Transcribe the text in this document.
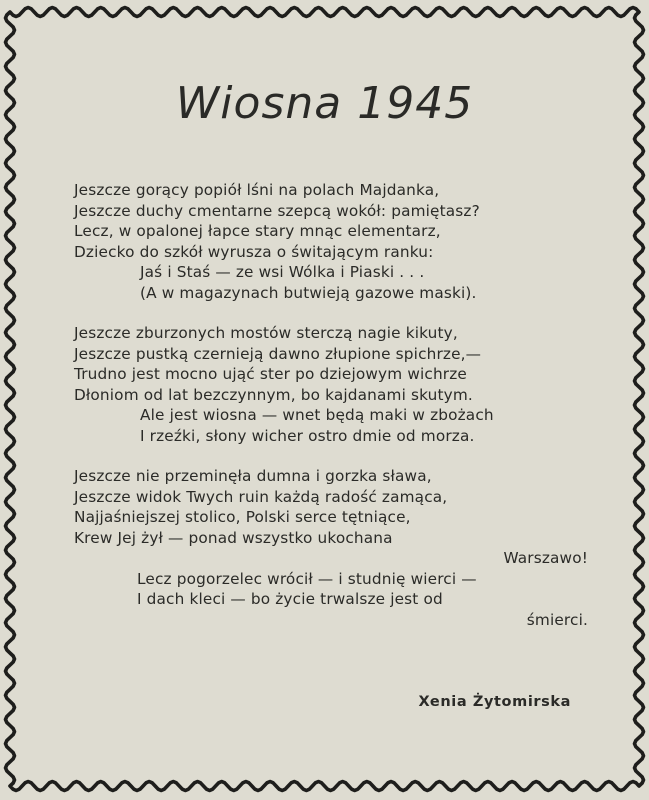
Wiosna 1945
Jeszcze gorący popiół lśni na polach Majdanka,
Jeszcze duchy cmentarne szepcą wokół: pamiętasz?
Lecz, w opalonej łapce stary mnąc elementarz,
Dziecko do szkół wyrusza o świtającym ranku:
Jaś i Staś — ze wsi Wólka i Piaski . . .
(A w magazynach butwieją gazowe maski).
Jeszcze zburzonych mostów sterczą nagie kikuty,
Jeszcze pustką czernieją dawno złupione spichrze,—
Trudno jest mocno ująć ster po dziejowym wichrze
Dłoniom od lat bezczynnym, bo kajdanami skutym.
Ale jest wiosna — wnet będą maki w zbożach
I rzeźki, słony wicher ostro dmie od morza.
Jeszcze nie przeminęła dumna i gorzka sława,
Jeszcze widok Twych ruin każdą radość zamąca,
Najjaśniejszej stolico, Polski serce tętniące,
Krew Jej żył — ponad wszystko ukochana
Warszawo!
Lecz pogorzelec wrócił — i studnię wierci —
I dach kleci — bo życie trwalsze jest od
śmierci.
Xenia Żytomirska
